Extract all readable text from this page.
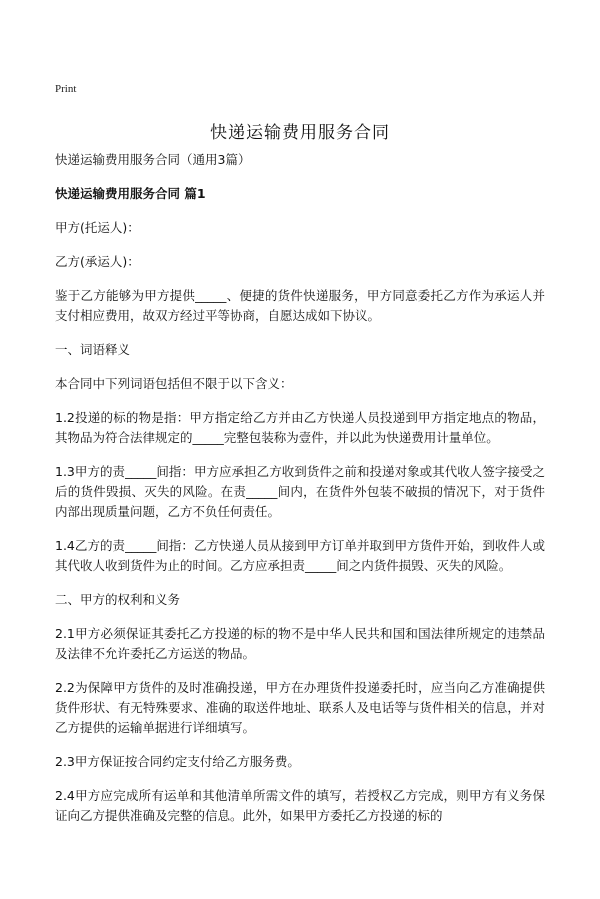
Print
快递运输费用服务合同

快递运输费用服务合同（通用3篇）

快递运输费用服务合同 篇1

甲方(托运人)：

乙方(承运人)：

鉴于乙方能够为甲方提供_____、便捷的货件快递服务，甲方同意委托乙方作为承运人并支付相应费用，故双方经过平等协商，自愿达成如下协议。

一、词语释义

本合同中下列词语包括但不限于以下含义：

1.2投递的标的物是指：甲方指定给乙方并由乙方快递人员投递到甲方指定地点的物品，其物品为符合法律规定的_____完整包装称为壹件，并以此为快递费用计量单位。

1.3甲方的责_____间指：甲方应承担乙方收到货件之前和投递对象或其代收人签字接受之后的货件毁损、灭失的风险。在责_____间内，在货件外包装不破损的情况下，对于货件内部出现质量问题，乙方不负任何责任。

1.4乙方的责_____间指：乙方快递人员从接到甲方订单并取到甲方货件开始，到收件人或其代收人收到货件为止的时间。乙方应承担责_____间之内货件损毁、灭失的风险。

二、甲方的权利和义务

2.1甲方必须保证其委托乙方投递的标的物不是中华人民共和国和国法律所规定的违禁品及法律不允许委托乙方运送的物品。

2.2为保障甲方货件的及时准确投递，甲方在办理货件投递委托时，应当向乙方准确提供货件形状、有无特殊要求、准确的取送件地址、联系人及电话等与货件相关的信息，并对乙方提供的运输单据进行详细填写。

2.3甲方保证按合同约定支付给乙方服务费。

2.4甲方应完成所有运单和其他清单所需文件的填写，若授权乙方完成，则甲方有义务保证向乙方提供准确及完整的信息。此外，如果甲方委托乙方投递的标的
